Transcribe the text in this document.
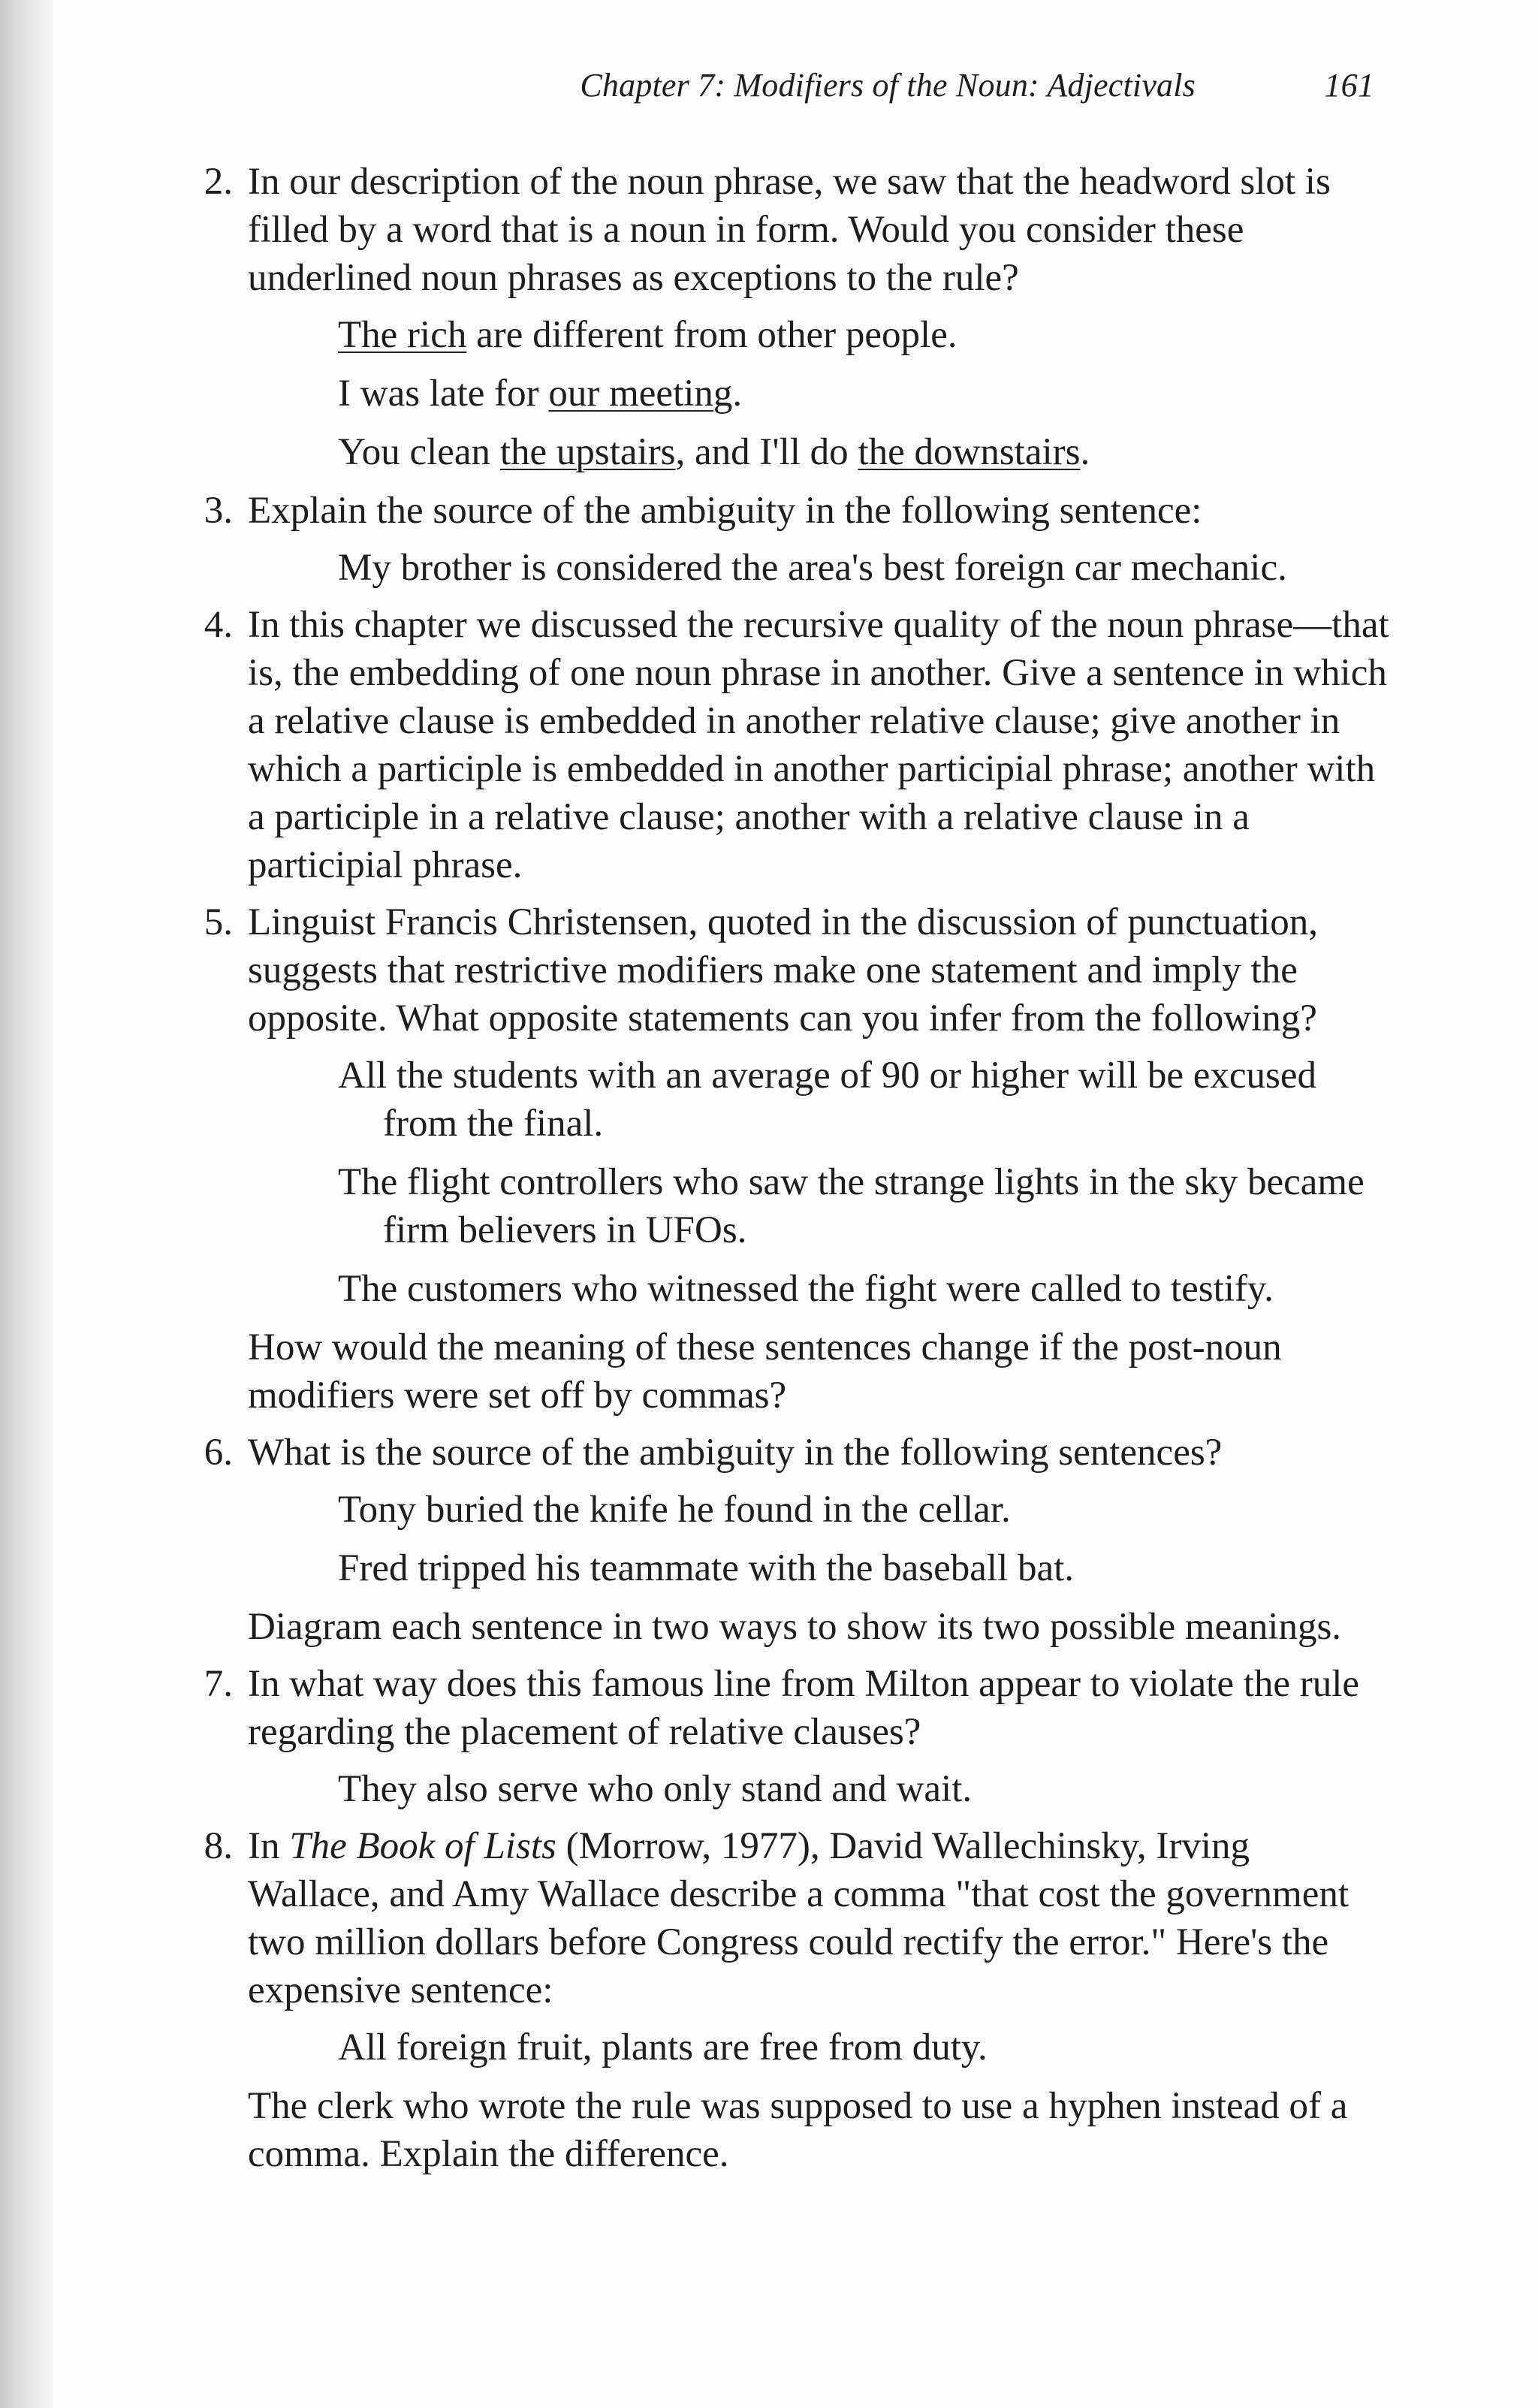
Chapter 7: Modifiers of the Noun: Adjectivals	161
2. In our description of the noun phrase, we saw that the headword slot is filled by a word that is a noun in form. Would you consider these underlined noun phrases as exceptions to the rule?

The rich are different from other people.
I was late for our meeting.
You clean the upstairs, and I'll do the downstairs.
3. Explain the source of the ambiguity in the following sentence:

My brother is considered the area's best foreign car mechanic.
4. In this chapter we discussed the recursive quality of the noun phrase—that is, the embedding of one noun phrase in another. Give a sentence in which a relative clause is embedded in another relative clause; give another in which a participle is embedded in another participial phrase; another with a participle in a relative clause; another with a relative clause in a participial phrase.

5. Linguist Francis Christensen, quoted in the discussion of punctuation, suggests that restrictive modifiers make one statement and imply the opposite. What opposite statements can you infer from the following?

All the students with an average of 90 or higher will be excused from the final.
The flight controllers who saw the strange lights in the sky became firm believers in UFOs.
The customers who witnessed the fight were called to testify.

How would the meaning of these sentences change if the post-noun modifiers were set off by commas?

6. What is the source of the ambiguity in the following sentences?

Tony buried the knife he found in the cellar.
Fred tripped his teammate with the baseball bat.

Diagram each sentence in two ways to show its two possible meanings.

7. In what way does this famous line from Milton appear to violate the rule regarding the placement of relative clauses?

They also serve who only stand and wait.
8. In The Book of Lists (Morrow, 1977), David Wallechinsky, Irving Wallace, and Amy Wallace describe a comma "that cost the government two million dollars before Congress could rectify the error." Here's the expensive sentence:

All foreign fruit, plants are free from duty.

The clerk who wrote the rule was supposed to use a hyphen instead of a comma. Explain the difference.
